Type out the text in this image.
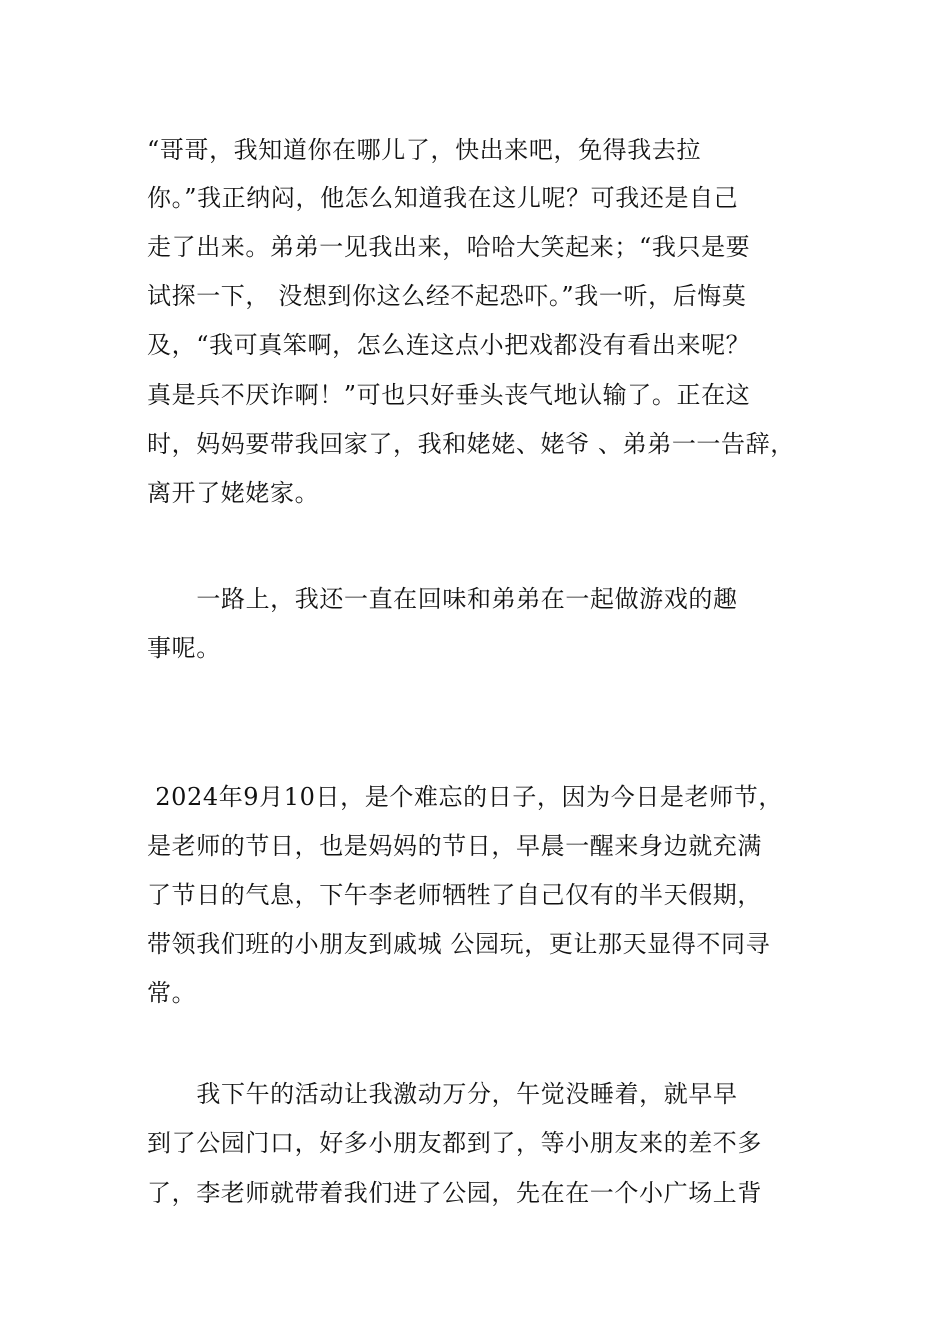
“哥哥，我知道你在哪儿了，快出来吧，免得我去拉
你。”我正纳闷，他怎么知道我在这儿呢？可我还是自己
走了出来。弟弟一见我出来，哈哈大笑起来；“我只是要
试探一下， 没想到你这么经不起恐吓。”我一听，后悔莫
及，“我可真笨啊，怎么连这点小把戏都没有看出来呢？
真是兵不厌诈啊！”可也只好垂头丧气地认输了。正在这
时，妈妈要带我回家了，我和姥姥、姥爷 、弟弟一一告辞，
离开了姥姥家。
一路上，我还一直在回味和弟弟在一起做游戏的趣
事呢。
2024年9月10日，是个难忘的日子，因为今日是老师节，
是老师的节日，也是妈妈的节日，早晨一醒来身边就充满
了节日的气息，下午李老师牺牲了自己仅有的半天假期，
带领我们班的小朋友到戚城 公园玩，更让那天显得不同寻
常。
我下午的活动让我激动万分，午觉没睡着，就早早
到了公园门口，好多小朋友都到了，等小朋友来的差不多
了，李老师就带着我们进了公园，先在在一个小广场上背
